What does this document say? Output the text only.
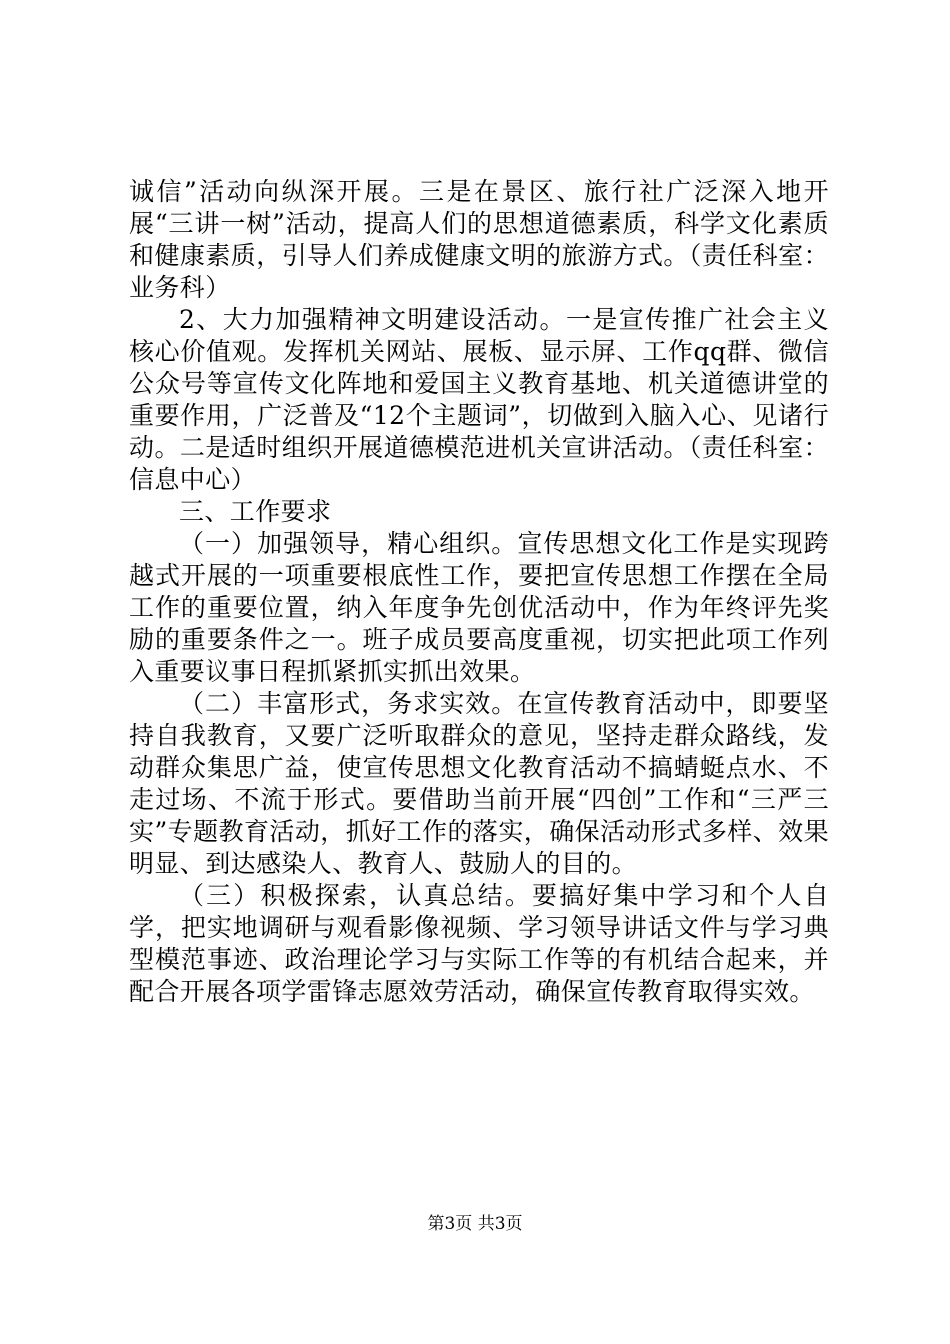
诚信”活动向纵深开展。三是在景区、旅行社广泛深入地开展“三讲一树”活动，提高人们的思想道德素质，科学文化素质和健康素质，引导人们养成健康文明的旅游方式。（责任科室：业务科）

2、大力加强精神文明建设活动。一是宣传推广社会主义核心价值观。发挥机关网站、展板、显示屏、工作qq群、微信公众号等宣传文化阵地和爱国主义教育基地、机关道德讲堂的重要作用，广泛普及“12个主题词”，切做到入脑入心、见诸行动。二是适时组织开展道德模范进机关宣讲活动。（责任科室：信息中心）

三、工作要求

（一）加强领导，精心组织。宣传思想文化工作是实现跨越式开展的一项重要根底性工作，要把宣传思想工作摆在全局工作的重要位置，纳入年度争先创优活动中，作为年终评先奖励的重要条件之一。班子成员要高度重视，切实把此项工作列入重要议事日程抓紧抓实抓出效果。

（二）丰富形式，务求实效。在宣传教育活动中，即要坚持自我教育，又要广泛听取群众的意见，坚持走群众路线，发动群众集思广益，使宣传思想文化教育活动不搞蜻蜓点水、不走过场、不流于形式。要借助当前开展“四创”工作和“三严三实”专题教育活动，抓好工作的落实，确保活动形式多样、效果明显、到达感染人、教育人、鼓励人的目的。

（三）积极探索，认真总结。要搞好集中学习和个人自学，把实地调研与观看影像视频、学习领导讲话文件与学习典型模范事迹、政治理论学习与实际工作等的有机结合起来，并配合开展各项学雷锋志愿效劳活动，确保宣传教育取得实效。

第3页 共3页
